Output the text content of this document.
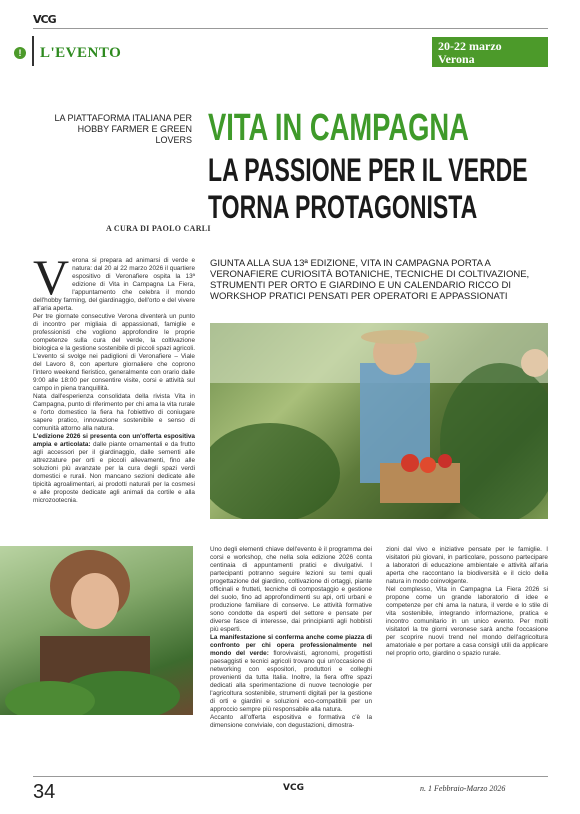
VCG
!	L'EVENTO	20-22 marzo
Verona
LA PIATTAFORMA ITALIANA PER HOBBY FARMER E GREEN LOVERS VITA IN CAMPAGNA
LA PASSIONE PER IL VERDE
TORNA PROTAGONISTA
A CURA DI PAOLO CARLI
GIUNTA ALLA SUA 13ª EDIZIONE, VITA IN CAMPAGNA PORTA A VERONAFIERE CURIOSITÀ BOTANICHE, TECNICHE DI COLTIVAZIONE, STRUMENTI PER ORTO E GIARDINO E UN CALENDARIO RICCO DI WORKSHOP PRATICI PENSATI PER OPERATORI E APPASSIONATI
V erona si prepara ad animarsi di verde e natura: dal 20 al 22 marzo 2026 il quartiere espositivo di Veronafiere ospita la 13ª edizione di Vita in Campagna La Fiera, l'appuntamento che celebra il mondo dell'hobby farming, del giardinaggio, dell'orto e del vivere all'aria aperta.

Per tre giornate consecutive Verona diventerà un punto di incontro per migliaia di appassionati, famiglie e professionisti che vogliono approfondire le proprie competenze sulla cura del verde, la coltivazione biologica e la gestione sostenibile di piccoli spazi agricoli. L'evento si svolge nei padiglioni di Veronafiere – Viale del Lavoro 8, con aperture giornaliere che coprono l'intero weekend fieristico, generalmente con orario dalle 9:00 alle 18:00 per consentire visite, corsi e attività sul campo in piena tranquillità.

Nata dall'esperienza consolidata della rivista Vita in Campagna, punto di riferimento per chi ama la vita rurale e l'orto domestico la fiera ha l'obiettivo di coniugare sapere pratico, innovazione sostenibile e senso di comunità attorno alla natura.

L'edizione 2026 si presenta con un'offerta espositiva ampia e articolata: dalle piante ornamentali e da frutto agli accessori per il giardinaggio, dalle sementi alle attrezzature per orti e piccoli allevamenti, fino alle soluzioni più avanzate per la cura degli spazi verdi domestici e rurali. Non mancano sezioni dedicate alle tipicità agroalimentari, ai prodotti naturali per la cosmesi e alle proposte dedicate agli animali da cortile e alla microzootecnia.

Uno degli elementi chiave dell'evento è il programma dei corsi e workshop, che nella sola edizione 2026 conta centinaia di appuntamenti pratici e divulgativi. I partecipanti potranno seguire lezioni su temi quali progettazione del giardino, coltivazione di ortaggi, piante officinali e frutteti, tecniche di compostaggio e gestione del suolo, fino ad approfondimenti su api, orti urbani e produzione familiare di conserve. Le attività formative sono condotte da esperti del settore e pensate per diverse fasce di interesse, dai principianti agli hobbisti più esperti.

La manifestazione si conferma anche come piazza di confronto per chi opera professionalmente nel mondo del verde: florovivaisti, agronomi, progettisti paesaggisti e tecnici agricoli trovano qui un'occasione di networking con espositori, produttori e colleghi provenienti da tutta Italia. Inoltre, la fiera offre spazi dedicati alla sperimentazione di nuove tecnologie per l'agricoltura sostenibile, strumenti digitali per la gestione di orti e giardini e soluzioni eco-compatibili per un approccio sempre più responsabile alla natura.

Accanto all'offerta espositiva e formativa c'è la dimensione conviviale, con degustazioni, dimostra-

zioni dal vivo e iniziative pensate per le famiglie. I visitatori più giovani, in particolare, possono partecipare a laboratori di educazione ambientale e attività all'aria aperta che raccontano la biodiversità e il ciclo della natura in modo coinvolgente.

Nel complesso, Vita in Campagna La Fiera 2026 si propone come un grande laboratorio di idee e competenze per chi ama la natura, il verde e lo stile di vita sostenibile, integrando informazione, pratica e incontro comunitario in un unico evento. Per molti visitatori la tre giorni veronese sarà anche l'occasione per scoprire nuovi trend nel mondo dell'agricoltura amatoriale e per portare a casa consigli utili da applicare nel proprio orto, giardino o spazio rurale.

34	VCG	n. 1 Febbraio-Marzo 2026
